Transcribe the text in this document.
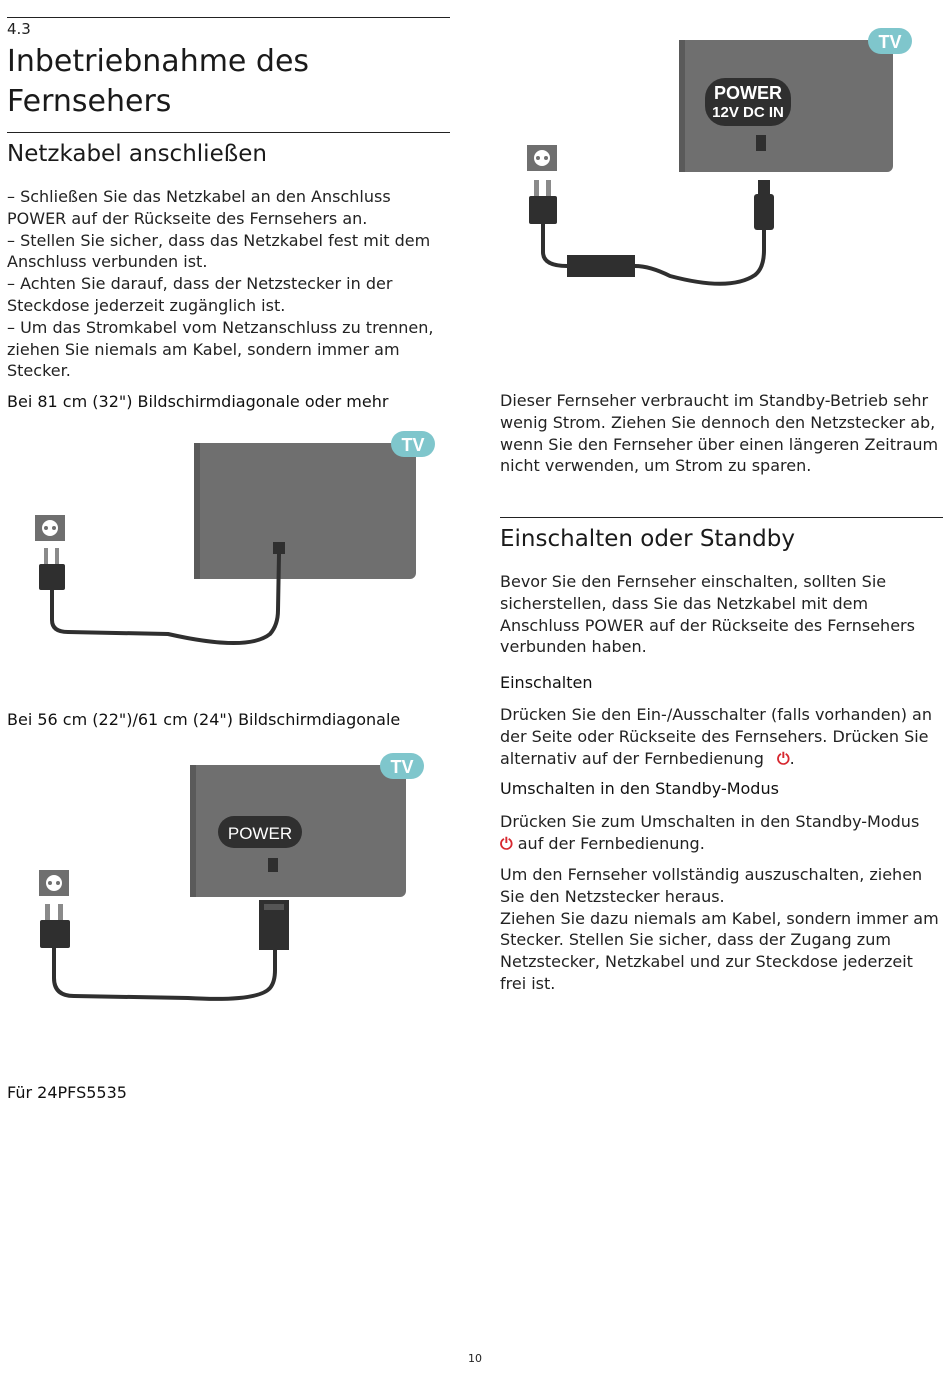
4.3
Inbetriebnahme des
Fernsehers
Netzkabel anschließen

– Schließen Sie das Netzkabel an den Anschluss POWER auf der Rückseite des Fernsehers an.

– Stellen Sie sicher, dass das Netzkabel fest mit dem Anschluss verbunden ist.

– Achten Sie darauf, dass der Netzstecker in der Steckdose jederzeit zugänglich ist.

– Um das Stromkabel vom Netzanschluss zu trennen, ziehen Sie niemals am Kabel, sondern immer am Stecker.

Bei 81 cm (32") Bildschirmdiagonale oder mehr
TV
Bei 56 cm (22")/61 cm (24") Bildschirmdiagonale
TV
POWER
Für 24PFS5535
TV
POWER
12V DC IN
Dieser Fernseher verbraucht im Standby-Betrieb sehr wenig Strom. Ziehen Sie dennoch den Netzstecker ab, wenn Sie den Fernseher über einen längeren Zeitraum nicht verwenden, um Strom zu sparen.
Einschalten oder Standby
Bevor Sie den Fernseher einschalten, sollten Sie sicherstellen, dass Sie das Netzkabel mit dem Anschluss POWER auf der Rückseite des Fernsehers verbunden haben.
Einschalten
Drücken Sie den Ein-/Ausschalter (falls vorhanden) an der Seite oder Rückseite des Fernsehers. Drücken Sie alternativ auf der Fernbedienung ⏻.
Umschalten in den Standby-Modus
Drücken Sie zum Umschalten in den Standby-Modus
⏻ auf der Fernbedienung.

Um den Fernseher vollständig auszuschalten, ziehen Sie den Netzstecker heraus.

Ziehen Sie dazu niemals am Kabel, sondern immer am Stecker. Stellen Sie sicher, dass der Zugang zum Netzstecker, Netzkabel und zur Steckdose jederzeit frei ist.

10
